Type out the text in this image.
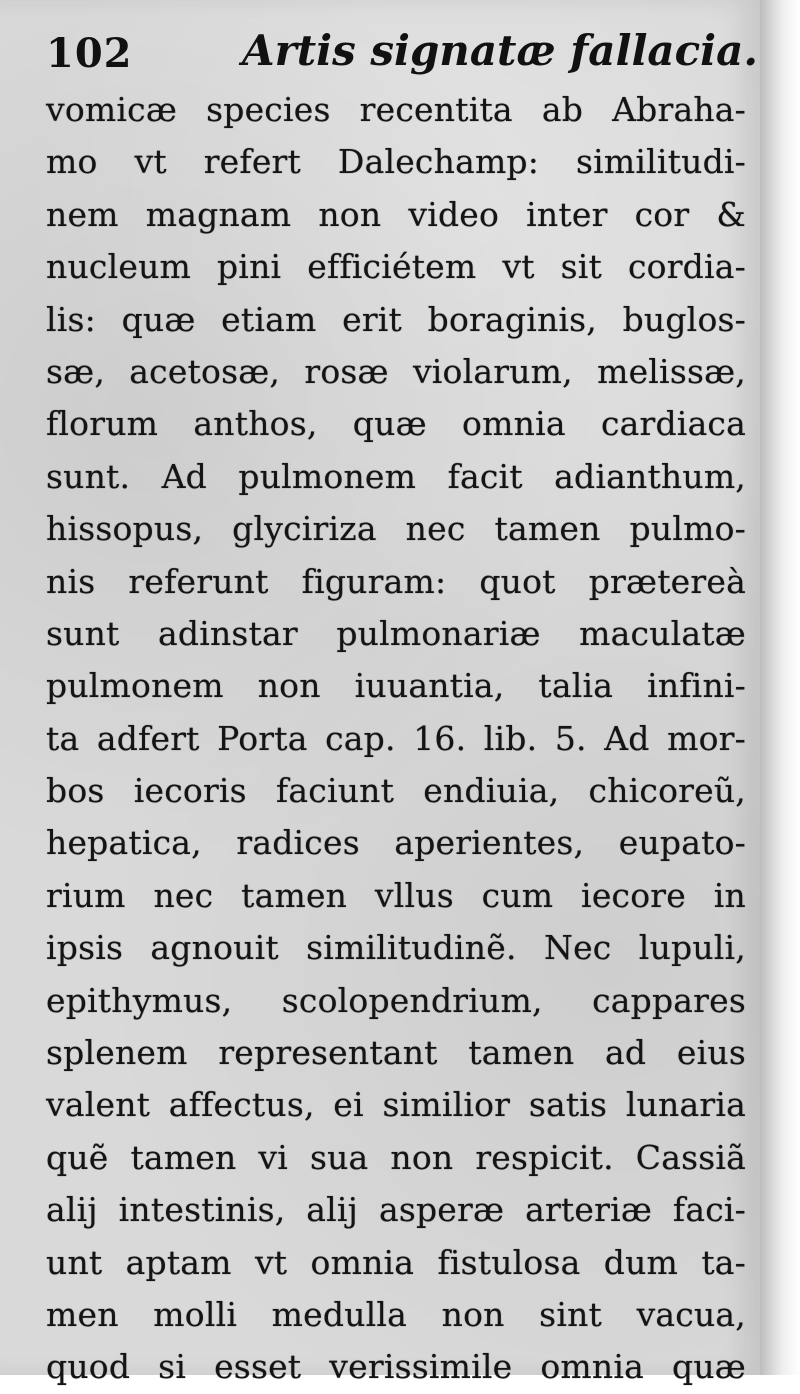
102	Artis signatæ fallacia.
vomicæ species recentita ab Abraha-
mo vt refert Dalechamp: similitudi-
nem magnam non video inter cor &
nucleum pini efficiétem vt sit cordia-
lis: quæ etiam erit boraginis, buglos-
sæ, acetosæ, rosæ violarum, melissæ,
florum anthos, quæ omnia cardiaca
sunt. Ad pulmonem facit adianthum,
hissopus, glyciriza nec tamen pulmo-
nis referunt figuram: quot prætereà
sunt adinstar pulmonariæ maculatæ
pulmonem non iuuantia, talia infini-
ta adfert Porta cap. 16. lib. 5. Ad mor-
bos iecoris faciunt endiuia, chicoreũ,
hepatica, radices aperientes, eupato-
rium nec tamen vllus cum iecore in
ipsis agnouit similitudinẽ. Nec lupuli,
epithymus, scolopendrium, cappares
splenem representant tamen ad eius
valent affectus, ei similior satis lunaria
quẽ tamen vi sua non respicit. Cassiã
alij intestinis, alij asperæ arteriæ faci-
unt aptam vt omnia fistulosa dum ta-
men molli medulla non sint vacua,
quod si esset verissimile omnia quæ
